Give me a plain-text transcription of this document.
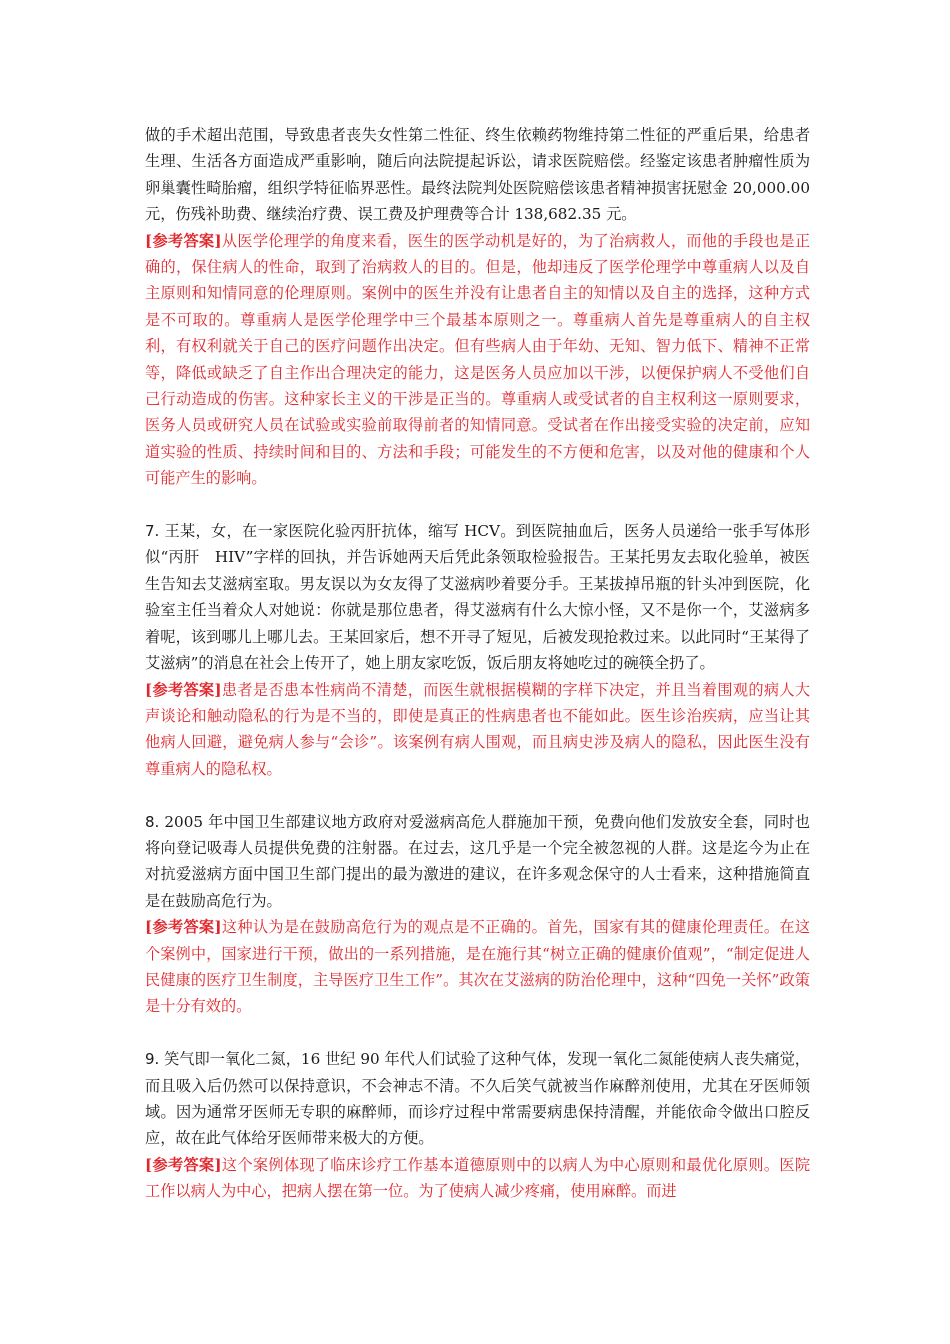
做的手术超出范围，导致患者丧失女性第二性征、终生依赖药物维持第二性征的严重后果，给患者生理、生活各方面造成严重影响，随后向法院提起诉讼，请求医院赔偿。经鉴定该患者肿瘤性质为卵巢囊性畸胎瘤，组织学特征临界恶性。最终法院判处医院赔偿该患者精神损害抚慰金 20,000.00 元，伤残补助费、继续治疗费、误工费及护理费等合计 138,682.35 元。

[参考答案]从医学伦理学的角度来看，医生的医学动机是好的，为了治病救人，而他的手段也是正确的，保住病人的性命，取到了治病救人的目的。但是，他却违反了医学伦理学中尊重病人以及自主原则和知情同意的伦理原则。案例中的医生并没有让患者自主的知情以及自主的选择，这种方式是不可取的。尊重病人是医学伦理学中三个最基本原则之一。尊重病人首先是尊重病人的自主权利，有权利就关于自己的医疗问题作出决定。但有些病人由于年幼、无知、智力低下、精神不正常等，降低或缺乏了自主作出合理决定的能力，这是医务人员应加以干涉，以便保护病人不受他们自己行动造成的伤害。这种家长主义的干涉是正当的。尊重病人或受试者的自主权利这一原则要求，医务人员或研究人员在试验或实验前取得前者的知情同意。受试者在作出接受实验的决定前，应知道实验的性质、持续时间和目的、方法和手段；可能发生的不方便和危害，以及对他的健康和个人可能产生的影响。

7. 王某，女，在一家医院化验丙肝抗体，缩写 HCV。到医院抽血后，医务人员递给一张手写体形似“丙肝　HIV”字样的回执，并告诉她两天后凭此条领取检验报告。王某托男友去取化验单，被医生告知去艾滋病室取。男友误以为女友得了艾滋病吵着要分手。王某拔掉吊瓶的针头冲到医院，化验室主任当着众人对她说：你就是那位患者，得艾滋病有什么大惊小怪，又不是你一个，艾滋病多着呢，该到哪儿上哪儿去。王某回家后，想不开寻了短见，后被发现抢救过来。以此同时“王某得了艾滋病”的消息在社会上传开了，她上朋友家吃饭，饭后朋友将她吃过的碗筷全扔了。

[参考答案]患者是否患本性病尚不清楚，而医生就根据模糊的字样下决定，并且当着围观的病人大声谈论和触动隐私的行为是不当的，即使是真正的性病患者也不能如此。医生诊治疾病，应当让其他病人回避，避免病人参与“会诊”。该案例有病人围观，而且病史涉及病人的隐私，因此医生没有尊重病人的隐私权。

8. 2005 年中国卫生部建议地方政府对爱滋病高危人群施加干预，免费向他们发放安全套，同时也将向登记吸毒人员提供免费的注射器。在过去，这几乎是一个完全被忽视的人群。这是迄今为止在对抗爱滋病方面中国卫生部门提出的最为激进的建议，在许多观念保守的人士看来，这种措施简直是在鼓励高危行为。

[参考答案]这种认为是在鼓励高危行为的观点是不正确的。首先，国家有其的健康伦理责任。在这个案例中，国家进行干预，做出的一系列措施，是在施行其“树立正确的健康价值观”，“制定促进人民健康的医疗卫生制度，主导医疗卫生工作”。其次在艾滋病的防治伦理中，这种“四免一关怀”政策是十分有效的。

9. 笑气即一氧化二氮，16 世纪 90 年代人们试验了这种气体，发现一氧化二氮能使病人丧失痛觉，而且吸入后仍然可以保持意识，不会神志不清。不久后笑气就被当作麻醉剂使用，尤其在牙医师领域。因为通常牙医师无专职的麻醉师，而诊疗过程中常需要病患保持清醒，并能依命令做出口腔反应，故在此气体给牙医师带来极大的方便。

[参考答案]这个案例体现了临床诊疗工作基本道德原则中的以病人为中心原则和最优化原则。医院工作以病人为中心，把病人摆在第一位。为了使病人减少疼痛，使用麻醉。而进
